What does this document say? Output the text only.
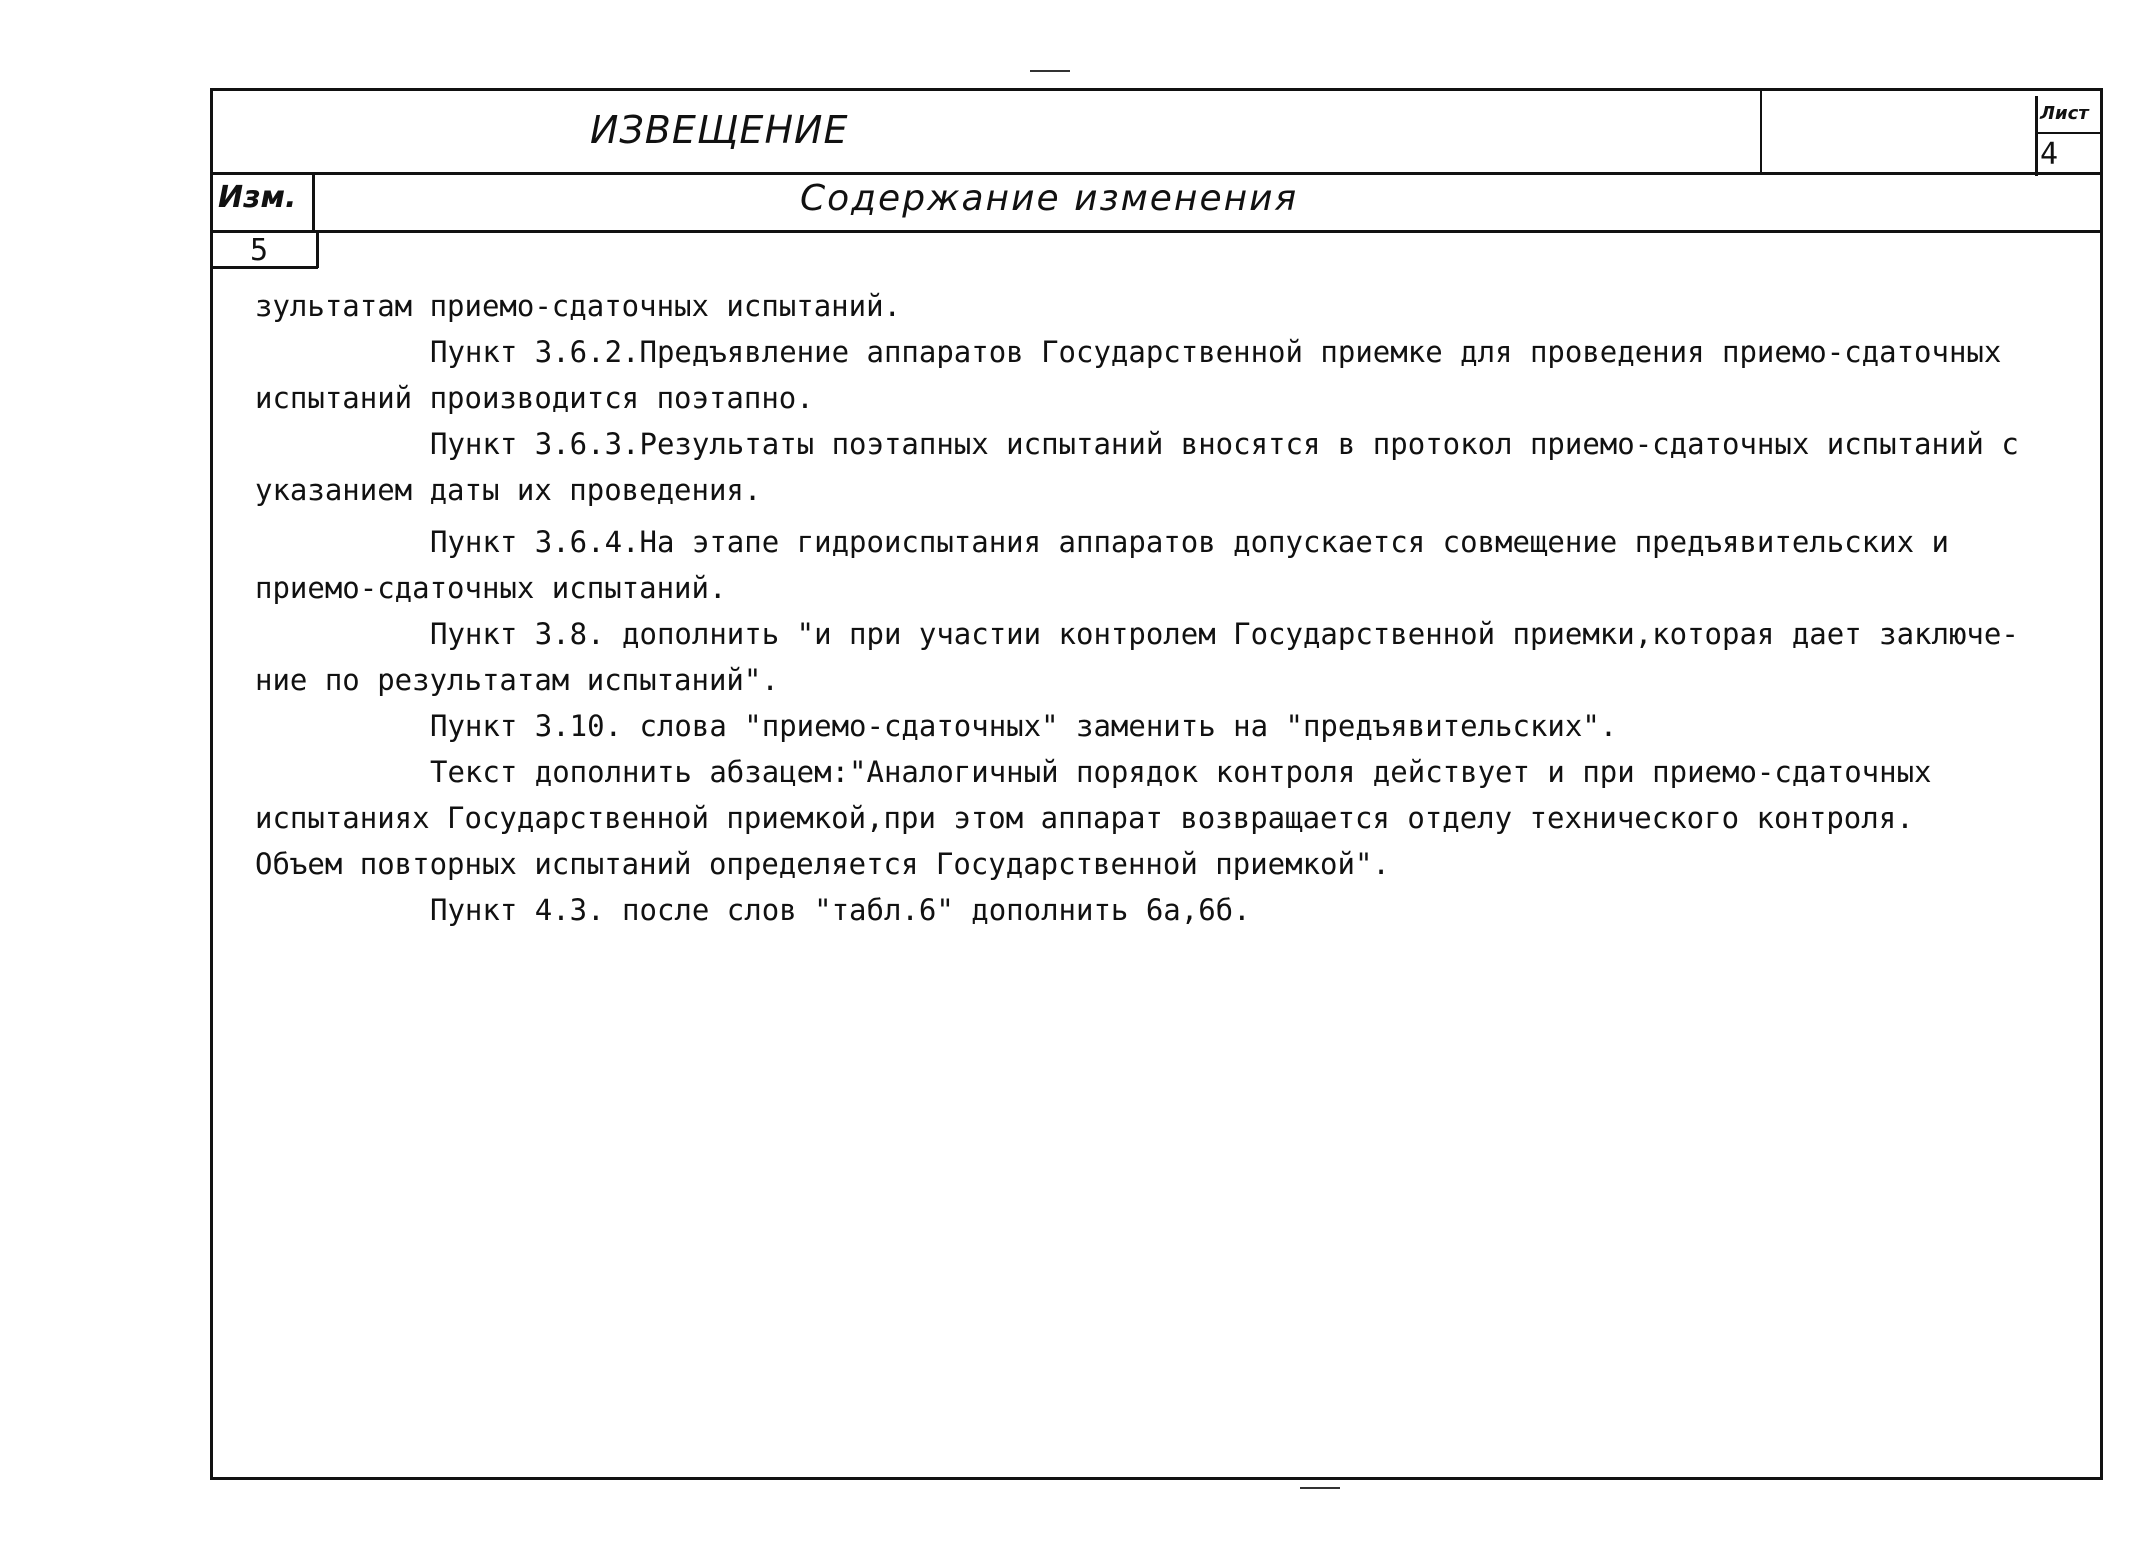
ИЗВЕЩЕНИЕ	Лист
4
Изм.	Содержание изменения
5
зультатам приемо-сдаточных испытаний.
Пункт 3.6.2.Предъявление аппаратов Государственной приемке для проведения приемо-сдаточных
испытаний производится поэтапно.
Пункт 3.6.3.Результаты поэтапных испытаний вносятся в протокол приемо-сдаточных испытаний с
указанием даты их проведения.
Пункт 3.6.4.На этапе гидроиспытания аппаратов допускается совмещение предъявительских и
приемо-сдаточных испытаний.
Пункт 3.8. дополнить "и при участии контролем Государственной приемки,которая дает заключе-
ние по результатам испытаний".
Пункт 3.10. слова "приемо-сдаточных" заменить на "предъявительских".
Текст дополнить абзацем:"Аналогичный порядок контроля действует и при приемо-сдаточных
испытаниях Государственной приемкой,при этом аппарат возвращается отделу технического контроля.
Объем повторных испытаний определяется Государственной приемкой".
Пункт 4.3. после слов "табл.6" дополнить 6а,6б.
